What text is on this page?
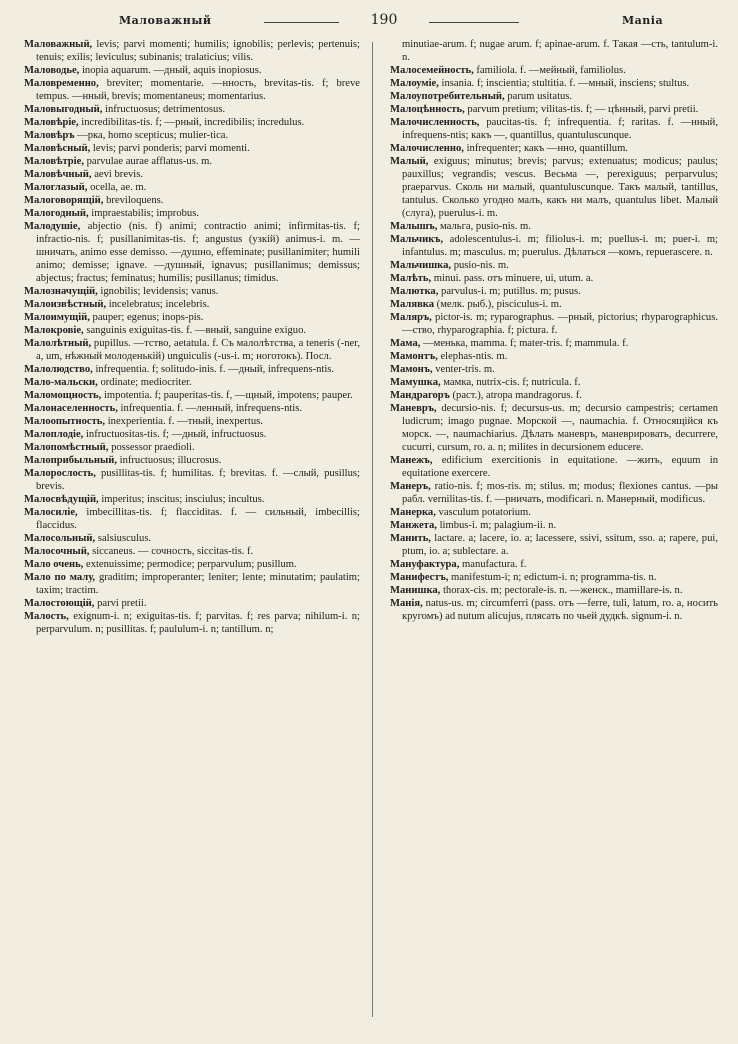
Маловажный	190	Mania

Маловажный, levis; parvi momenti; humilis; ignobilis; perlevis; pertenuis; tenuis; exilis; leviculus; subinanis; tralaticius; vilis.

Маловодье, inopia aquarum. —дный, aquis inopiosus.

Маловременно, breviter; momentarie. —нность, brevitas-tis. f; breve tempus. —нный, brevis; momentaneus; momentarius.

Маловыгодный, infructuosus; detrimentosus.

Маловѣріе, incredibilitas-tis. f; —рный, incredibilis; incredulus.

Маловѣръ —рка, homo scepticus; mulier-tica.

Маловѣсный, levis; parvi ponderis; parvi momenti.

Маловѣтріе, parvulae aurae afflatus-us. m.

Маловѣчный, aevi brevis.

Малоглазый, ocella, ae. m.

Малоговорящій, breviloquens.

Малогодный, impraestabilis; improbus.

Малодушіе, abjectio (nis. f) animi; contractio animi; infirmitas-tis. f; infractio-nis. f; pusillanimitas-tis. f; angustus (узкій) animus-i. m. —шничать, animo esse demisso. —душно, effeminate; pusillanimiter; humili animo; demisse; ignave. —душный, ignavus; pusillanimus; demissus; abjectus; fractus; feminatus; humilis; pusillanus; timidus.

Малозначущій, ignobilis; levidensis; vanus.

Малоизвѣстный, incelebratus; incelebris.

Малоимущій, pauper; egenus; inops-pis.

Малокровіе, sanguinis exiguitas-tis. f. —вный, sanguine exiguo.

Малолѣтный, pupillus. —тство, aetatula. f. Съ малолѣтства, a teneris (-ner, a, um, нѣжный молоденькій) unguiculis (-us-i. m; ноготокъ). Посл.

Малолюдство, infrequentia. f; solitudo-inis. f. —дный, infrequens-ntis.

Мало-мальски, ordinate; mediocriter.

Маломощность, impotentia. f; pauperitas-tis. f, —щный, impotens; pauper.

Малонаселенность, infrequentia. f. —ленный, infrequens-ntis.

Малоопытность, inexperientia. f. —тный, inexpertus.

Малоплодіе, infructuositas-tis. f; —дный, infructuosus.

Малопомѣстный, possessor praedioli.

Малоприбыльный, infructuosus; illucrosus.

Малорослость, pusillitas-tis. f; humilitas. f; brevitas. f. —слый, pusillus; brevis.

Малосвѣдущій, imperitus; inscitus; insciulus; incultus.

Малосиліе, imbecillitas-tis. f; flacciditas. f. — сильный, imbecillis; flaccidus.

Малосольный, salsiusculus.

Малосочный, siccaneus. — сочность, siccitas-tis. f.

Мало очень, extenuissime; permodice; perparvulum; pusillum.

Мало по малу, graditim; improperanter; leniter; lente; minutatim; paulatim; taxim; tractim.

Малостоющій, parvi pretii.

Малость, exignum-i. n; exiguitas-tis. f; parvitas. f; res parva; nihilum-i. n; perparvulum. n; pusillitas. f; paululum-i. n; tantillum. n;

minutiae-arum. f; nugae arum. f; apinae-arum. f. Такая —сть, tantulum-i. n.

Малосемейность, familiola. f. —мейный, familiolus.

Малоуміе, insania. f; inscientia; stultitia. f. —мный, insciens; stultus.

Малоупотребительный, parum usitatus.

Малоцѣнность, parvum pretium; vilitas-tis. f; — цѣнный, parvi pretii.

Малочисленность, paucitas-tis. f; infrequentia. f; raritas. f. —нный, infrequens-ntis; какъ —, quantillus, quantuluscunque.

Малочисленно, infrequenter; какъ —нно, quantillum.

Малый, exiguus; minutus; brevis; parvus; extenuatus; modicus; paulus; pauxillus; vegrandis; vescus. Весьма —, perexiguus; perparvulus; praeparvus. Сколь ни малый, quantuluscunque. Такъ малый, tantillus, tantulus. Сколько угодно малъ, какъ ни малъ, quantulus libet. Малый (слуга), puerulus-i. m.

Малышъ, мальга, pusio-nis. m.

Мальчикъ, adolescentulus-i. m; filiolus-i. m; puellus-i. m; puer-i. m; infantulus. m; masculus. m; puerulus. Дѣлаться —комъ, repuerascere. n.

Мальчишка, pusio-nis. m.

Малѣть, minui. pass. отъ minuere, ui, utum. a.

Малютка, parvulus-i. m; putillus. m; pusus.

Малявка (мелк. рыб.), pisciculus-i. m.

Маляръ, pictor-is. m; ryparographus. —рный, pictorius; rhyparographicus. —ство, rhyparographia. f; pictura. f.

Мама, —менька, mamma. f; mater-tris. f; mammula. f.

Мамонтъ, elephas-ntis. m.

Мамонъ, venter-tris. m.

Мамушка, мамка, nutrix-cis. f; nutricula. f.

Мандрагоръ (раст.), atropa mandragorus. f.

Маневръ, decursio-nis. f; decursus-us. m; decursio campestris; certamen ludicrum; imago pugnae. Морской —, naumachia. f. Относящійся къ морск. —, naumachiarius. Дѣлать маневръ, маневрировать, decurrere, cucurri, cursum, ro. a. n; milites in decursionem educere.

Манежъ, edificium exercitionis in equitatione. —жить, equum in equitatione exercere.

Манеръ, ratio-nis. f; mos-ris. m; stilus. m; modus; flexiones cantus. —ры рабл. vernilitas-tis. f. —рничать, modificari. n. Манерный, modificus.

Манерка, vasculum potatorium.

Манжета, limbus-i. m; palagium-ii. n.

Манить, lactare. a; lacere, io. a; lacessere, ssivi, ssitum, sso. a; rapere, pui, ptum, io. a; sublectare. a.

Мануфактура, manufactura. f.

Манифестъ, manifestum-i; n; edictum-i. n; programma-tis. n.

Манишка, thorax-cis. m; pectorale-is. n. —женск., mamillare-is. n.

Манія, natus-us. m; circumferri (pass. отъ —ferre, tuli, latum, ro. a, носить кругомъ) ad nutum alicujus, плясать по чьей дудкѣ. signum-i. n.
